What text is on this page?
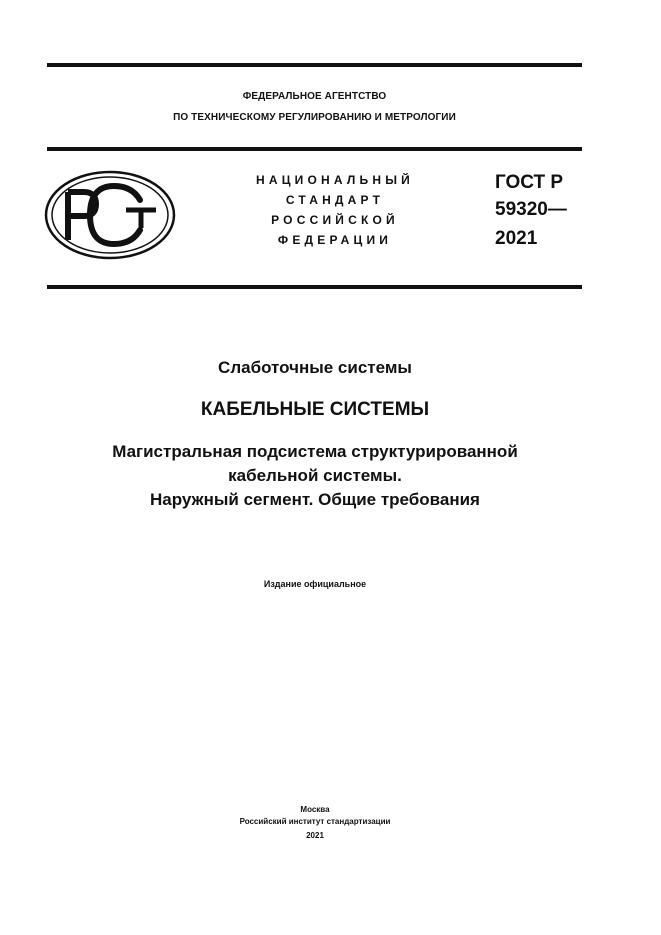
ФЕДЕРАЛЬНОЕ АГЕНТСТВО
ПО ТЕХНИЧЕСКОМУ РЕГУЛИРОВАНИЮ И МЕТРОЛОГИИ
НАЦИОНАЛЬНЫЙ
СТАНДАРТ
РОССИЙСКОЙ
ФЕДЕРАЦИИ
ГОСТ Р
59320—
2021
Слаботочные системы
КАБЕЛЬНЫЕ СИСТЕМЫ
Магистральная подсистема структурированной
кабельной системы.
Наружный сегмент. Общие требования
Издание официальное
Москва
Российский институт стандартизации
2021
